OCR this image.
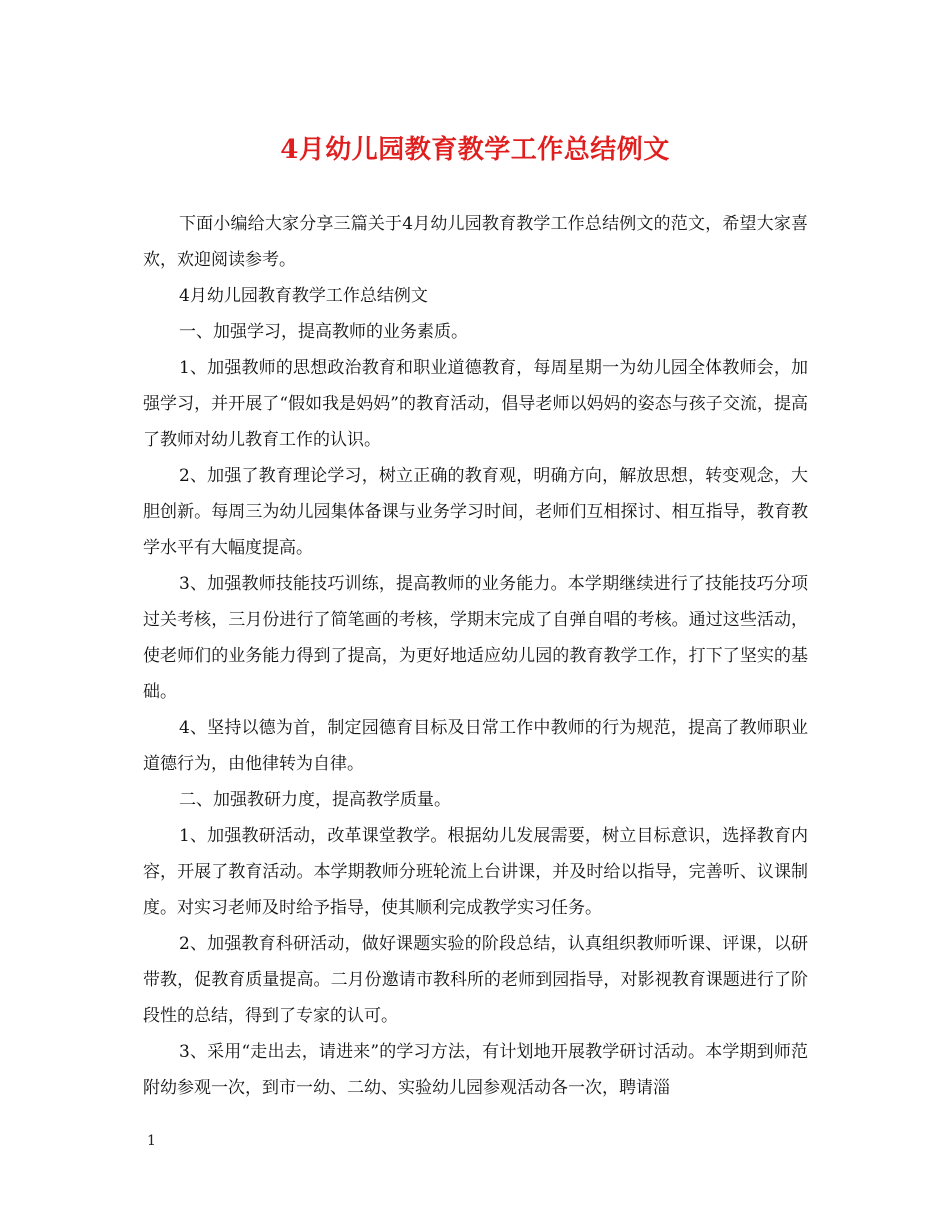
4月幼儿园教育教学工作总结例文

下面小编给大家分享三篇关于4月幼儿园教育教学工作总结例文的范文，希望大家喜欢，欢迎阅读参考。

4月幼儿园教育教学工作总结例文

一、加强学习，提高教师的业务素质。

1、加强教师的思想政治教育和职业道德教育，每周星期一为幼儿园全体教师会，加强学习，并开展了“假如我是妈妈”的教育活动，倡导老师以妈妈的姿态与孩子交流，提高了教师对幼儿教育工作的认识。

2、加强了教育理论学习，树立正确的教育观，明确方向，解放思想，转变观念，大胆创新。每周三为幼儿园集体备课与业务学习时间，老师们互相探讨、相互指导，教育教学水平有大幅度提高。

3、加强教师技能技巧训练，提高教师的业务能力。本学期继续进行了技能技巧分项过关考核，三月份进行了简笔画的考核，学期末完成了自弹自唱的考核。通过这些活动，使老师们的业务能力得到了提高，为更好地适应幼儿园的教育教学工作，打下了坚实的基础。

4、坚持以德为首，制定园德育目标及日常工作中教师的行为规范，提高了教师职业道德行为，由他律转为自律。

二、加强教研力度，提高教学质量。

1、加强教研活动，改革课堂教学。根据幼儿发展需要，树立目标意识，选择教育内容，开展了教育活动。本学期教师分班轮流上台讲课，并及时给以指导，完善听、议课制度。对实习老师及时给予指导，使其顺利完成教学实习任务。

2、加强教育科研活动，做好课题实验的阶段总结，认真组织教师听课、评课，以研带教，促教育质量提高。二月份邀请市教科所的老师到园指导，对影视教育课题进行了阶段性的总结，得到了专家的认可。

3、采用“走出去，请进来”的学习方法，有计划地开展教学研讨活动。本学期到师范附幼参观一次，到市一幼、二幼、实验幼儿园参观活动各一次，聘请淄

1
